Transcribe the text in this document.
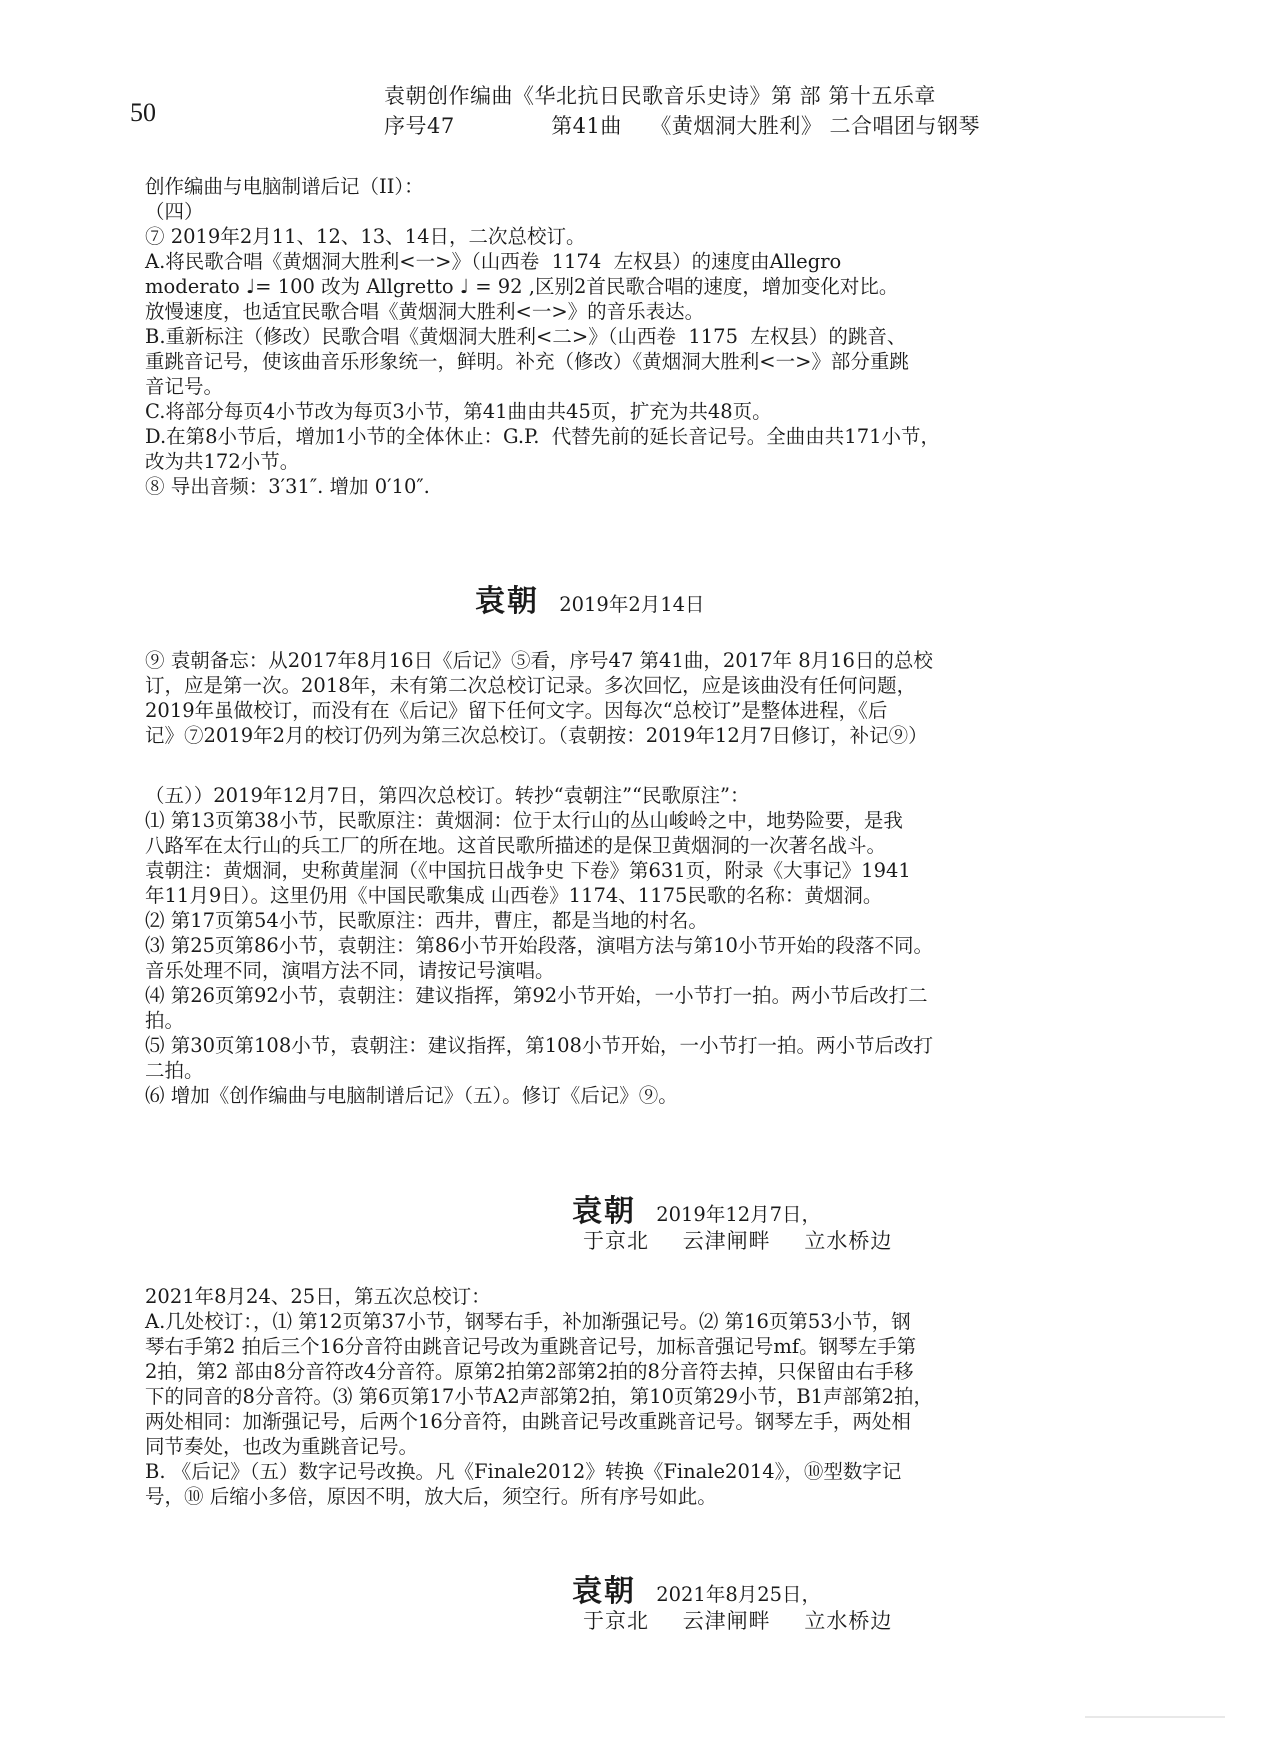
50
袁朝创作编曲《华北抗日民歌音乐史诗》第 部 第十五乐章
序号47	第41曲 《黄烟洞大胜利》 二合唱团与钢琴

创作编曲与电脑制谱后记（II）：

（四）

⑦ 2019年2月11、12、13、14日，二次总校订。

A.将民歌合唱《黄烟洞大胜利<一>》（山西卷  1174  左权县）的速度由Allegro

moderato ♩= 100 改为 Allgretto ♩ = 92 ,区别2首民歌合唱的速度，增加变化对比。

放慢速度，也适宜民歌合唱《黄烟洞大胜利<一>》的音乐表达。

B.重新标注（修改）民歌合唱《黄烟洞大胜利<二>》（山西卷  1175  左权县）的跳音、

重跳音记号，使该曲音乐形象统一，鲜明。补充（修改）《黄烟洞大胜利<一>》部分重跳

音记号。

C.将部分每页4小节改为每页3小节，第41曲由共45页，扩充为共48页。

D.在第8小节后，增加1小节的全体休止：G.P.  代替先前的延长音记号。全曲由共171小节，

改为共172小节。

⑧ 导出音频：3′31″. 增加 0′10″.

袁朝 2019年2月14日

⑨ 袁朝备忘：从2017年8月16日《后记》⑤看，序号47 第41曲，2017年 8月16日的总校

订，应是第一次。2018年，未有第二次总校订记录。多次回忆，应是该曲没有任何问题，

2019年虽做校订，而没有在《后记》留下任何文字。因每次“总校订”是整体进程，《后

记》⑦2019年2月的校订仍列为第三次总校订。（袁朝按：2019年12月7日修订，补记⑨）

（五））2019年12月7日，第四次总校订。转抄“袁朝注”“民歌原注”：

⑴ 第13页第38小节，民歌原注：黄烟洞：位于太行山的丛山峻岭之中，地势险要，是我

八路军在太行山的兵工厂的所在地。这首民歌所描述的是保卫黄烟洞的一次著名战斗。

袁朝注：黄烟洞，史称黄崖洞（《中国抗日战争史 下卷》第631页，附录《大事记》1941

年11月9日）。这里仍用《中国民歌集成 山西卷》1174、1175民歌的名称：黄烟洞。

⑵ 第17页第54小节，民歌原注：西井，曹庄，都是当地的村名。

⑶ 第25页第86小节，袁朝注：第86小节开始段落，演唱方法与第10小节开始的段落不同。

音乐处理不同，演唱方法不同，请按记号演唱。

⑷ 第26页第92小节，袁朝注：建议指挥，第92小节开始，一小节打一拍。两小节后改打二

拍。

⑸ 第30页第108小节，袁朝注：建议指挥，第108小节开始，一小节打一拍。两小节后改打

二拍。

⑹ 增加《创作编曲与电脑制谱后记》（五）。修订《后记》⑨。

袁朝 2019年12月7日，
于京北 云津闸畔 立水桥边

2021年8月24、25日，第五次总校订：

A.几处校订：，⑴ 第12页第37小节，钢琴右手，补加渐强记号。⑵ 第16页第53小节，钢

琴右手第2 拍后三个16分音符由跳音记号改为重跳音记号，加标音强记号mf。钢琴左手第

2拍，第2 部由8分音符改4分音符。原第2拍第2部第2拍的8分音符去掉，只保留由右手移

下的同音的8分音符。⑶ 第6页第17小节A2声部第2拍，第10页第29小节，B1声部第2拍，

两处相同：加渐强记号，后两个16分音符，由跳音记号改重跳音记号。钢琴左手，两处相

同节奏处，也改为重跳音记号。

B. 《后记》（五）数字记号改换。凡《Finale2012》转换《Finale2014》，⑩型数字记

号，⑩ 后缩小多倍，原因不明，放大后，须空行。所有序号如此。

袁朝 2021年8月25日，
于京北 云津闸畔 立水桥边
